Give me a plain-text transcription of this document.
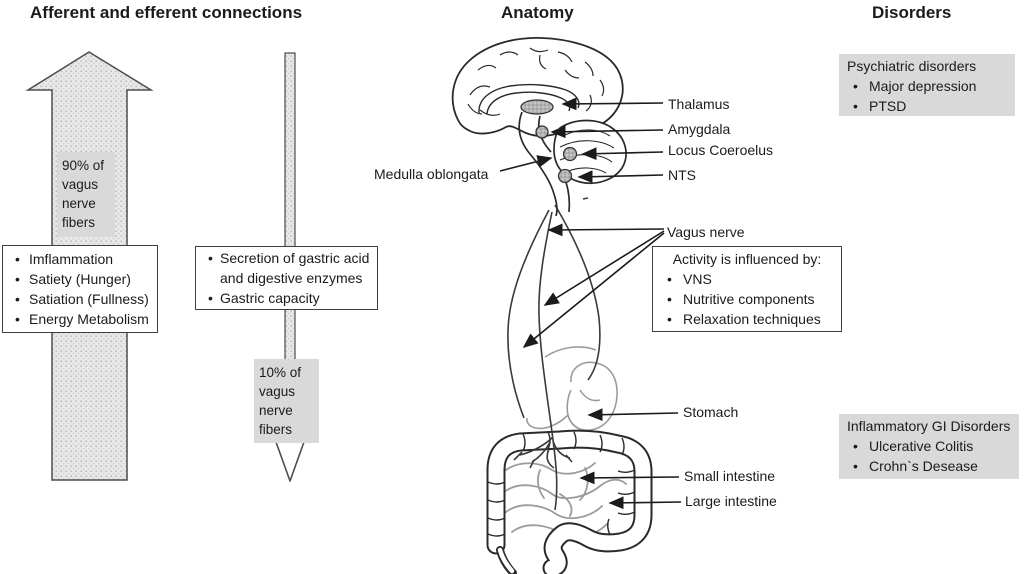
Afferent and efferent connections	Anatomy	Disorders
90% of vagus nerve fibers
• Imflammation
• Satiety (Hunger)
• Satiation (Fullness)
• Energy Metabolism
• Secretion of gastric acid and digestive enzymes
• Gastric capacity
10% of vagus nerve fibers
Thalamus
Amygdala
Locus Coeroelus
NTS
Medulla oblongata
Vagus nerve
Stomach
Small intestine
Large intestine
Activity is influenced by:
• VNS
• Nutritive components
• Relaxation techniques
Psychiatric disorders
• Major depression
• PTSD
Inflammatory GI Disorders
• Ulcerative Colitis
• Crohn`s Desease
